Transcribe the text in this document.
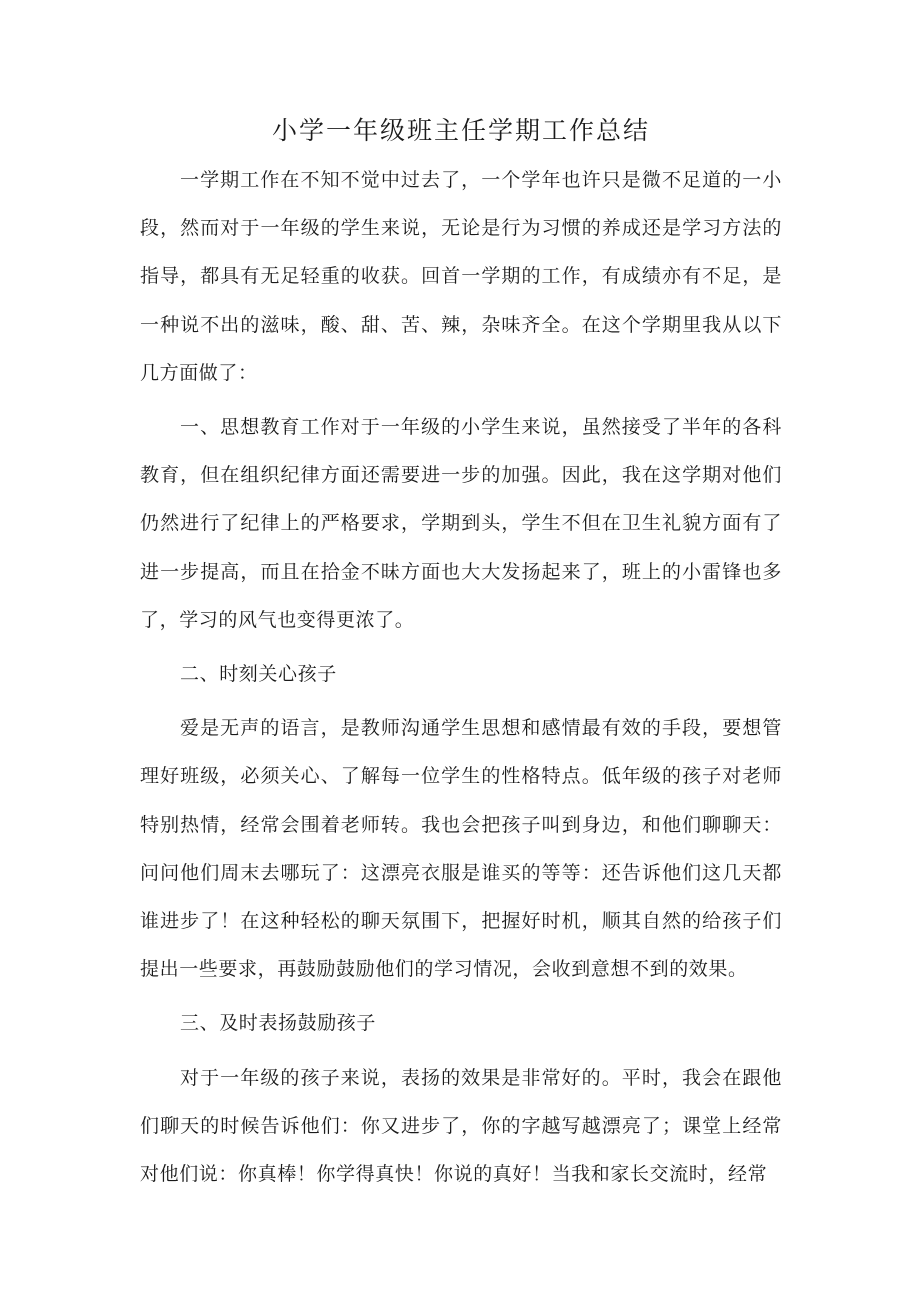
小学一年级班主任学期工作总结

一学期工作在不知不觉中过去了，一个学年也许只是微不足道的一小段，然而对于一年级的学生来说，无论是行为习惯的养成还是学习方法的指导，都具有无足轻重的收获。回首一学期的工作，有成绩亦有不足，是一种说不出的滋味，酸、甜、苦、辣，杂味齐全。在这个学期里我从以下几方面做了：

一、思想教育工作对于一年级的小学生来说，虽然接受了半年的各科教育，但在组织纪律方面还需要进一步的加强。因此，我在这学期对他们仍然进行了纪律上的严格要求，学期到头，学生不但在卫生礼貌方面有了进一步提高，而且在拾金不昧方面也大大发扬起来了，班上的小雷锋也多了，学习的风气也变得更浓了。

二、时刻关心孩子

爱是无声的语言，是教师沟通学生思想和感情最有效的手段，要想管理好班级，必须关心、了解每一位学生的性格特点。低年级的孩子对老师特别热情，经常会围着老师转。我也会把孩子叫到身边，和他们聊聊天：问问他们周末去哪玩了：这漂亮衣服是谁买的等等：还告诉他们这几天都谁进步了！在这种轻松的聊天氛围下，把握好时机，顺其自然的给孩子们提出一些要求，再鼓励鼓励他们的学习情况，会收到意想不到的效果。

三、及时表扬鼓励孩子

对于一年级的孩子来说，表扬的效果是非常好的。平时，我会在跟他们聊天的时候告诉他们：你又进步了，你的字越写越漂亮了；课堂上经常对他们说：你真棒！你学得真快！你说的真好！当我和家长交流时，经常
